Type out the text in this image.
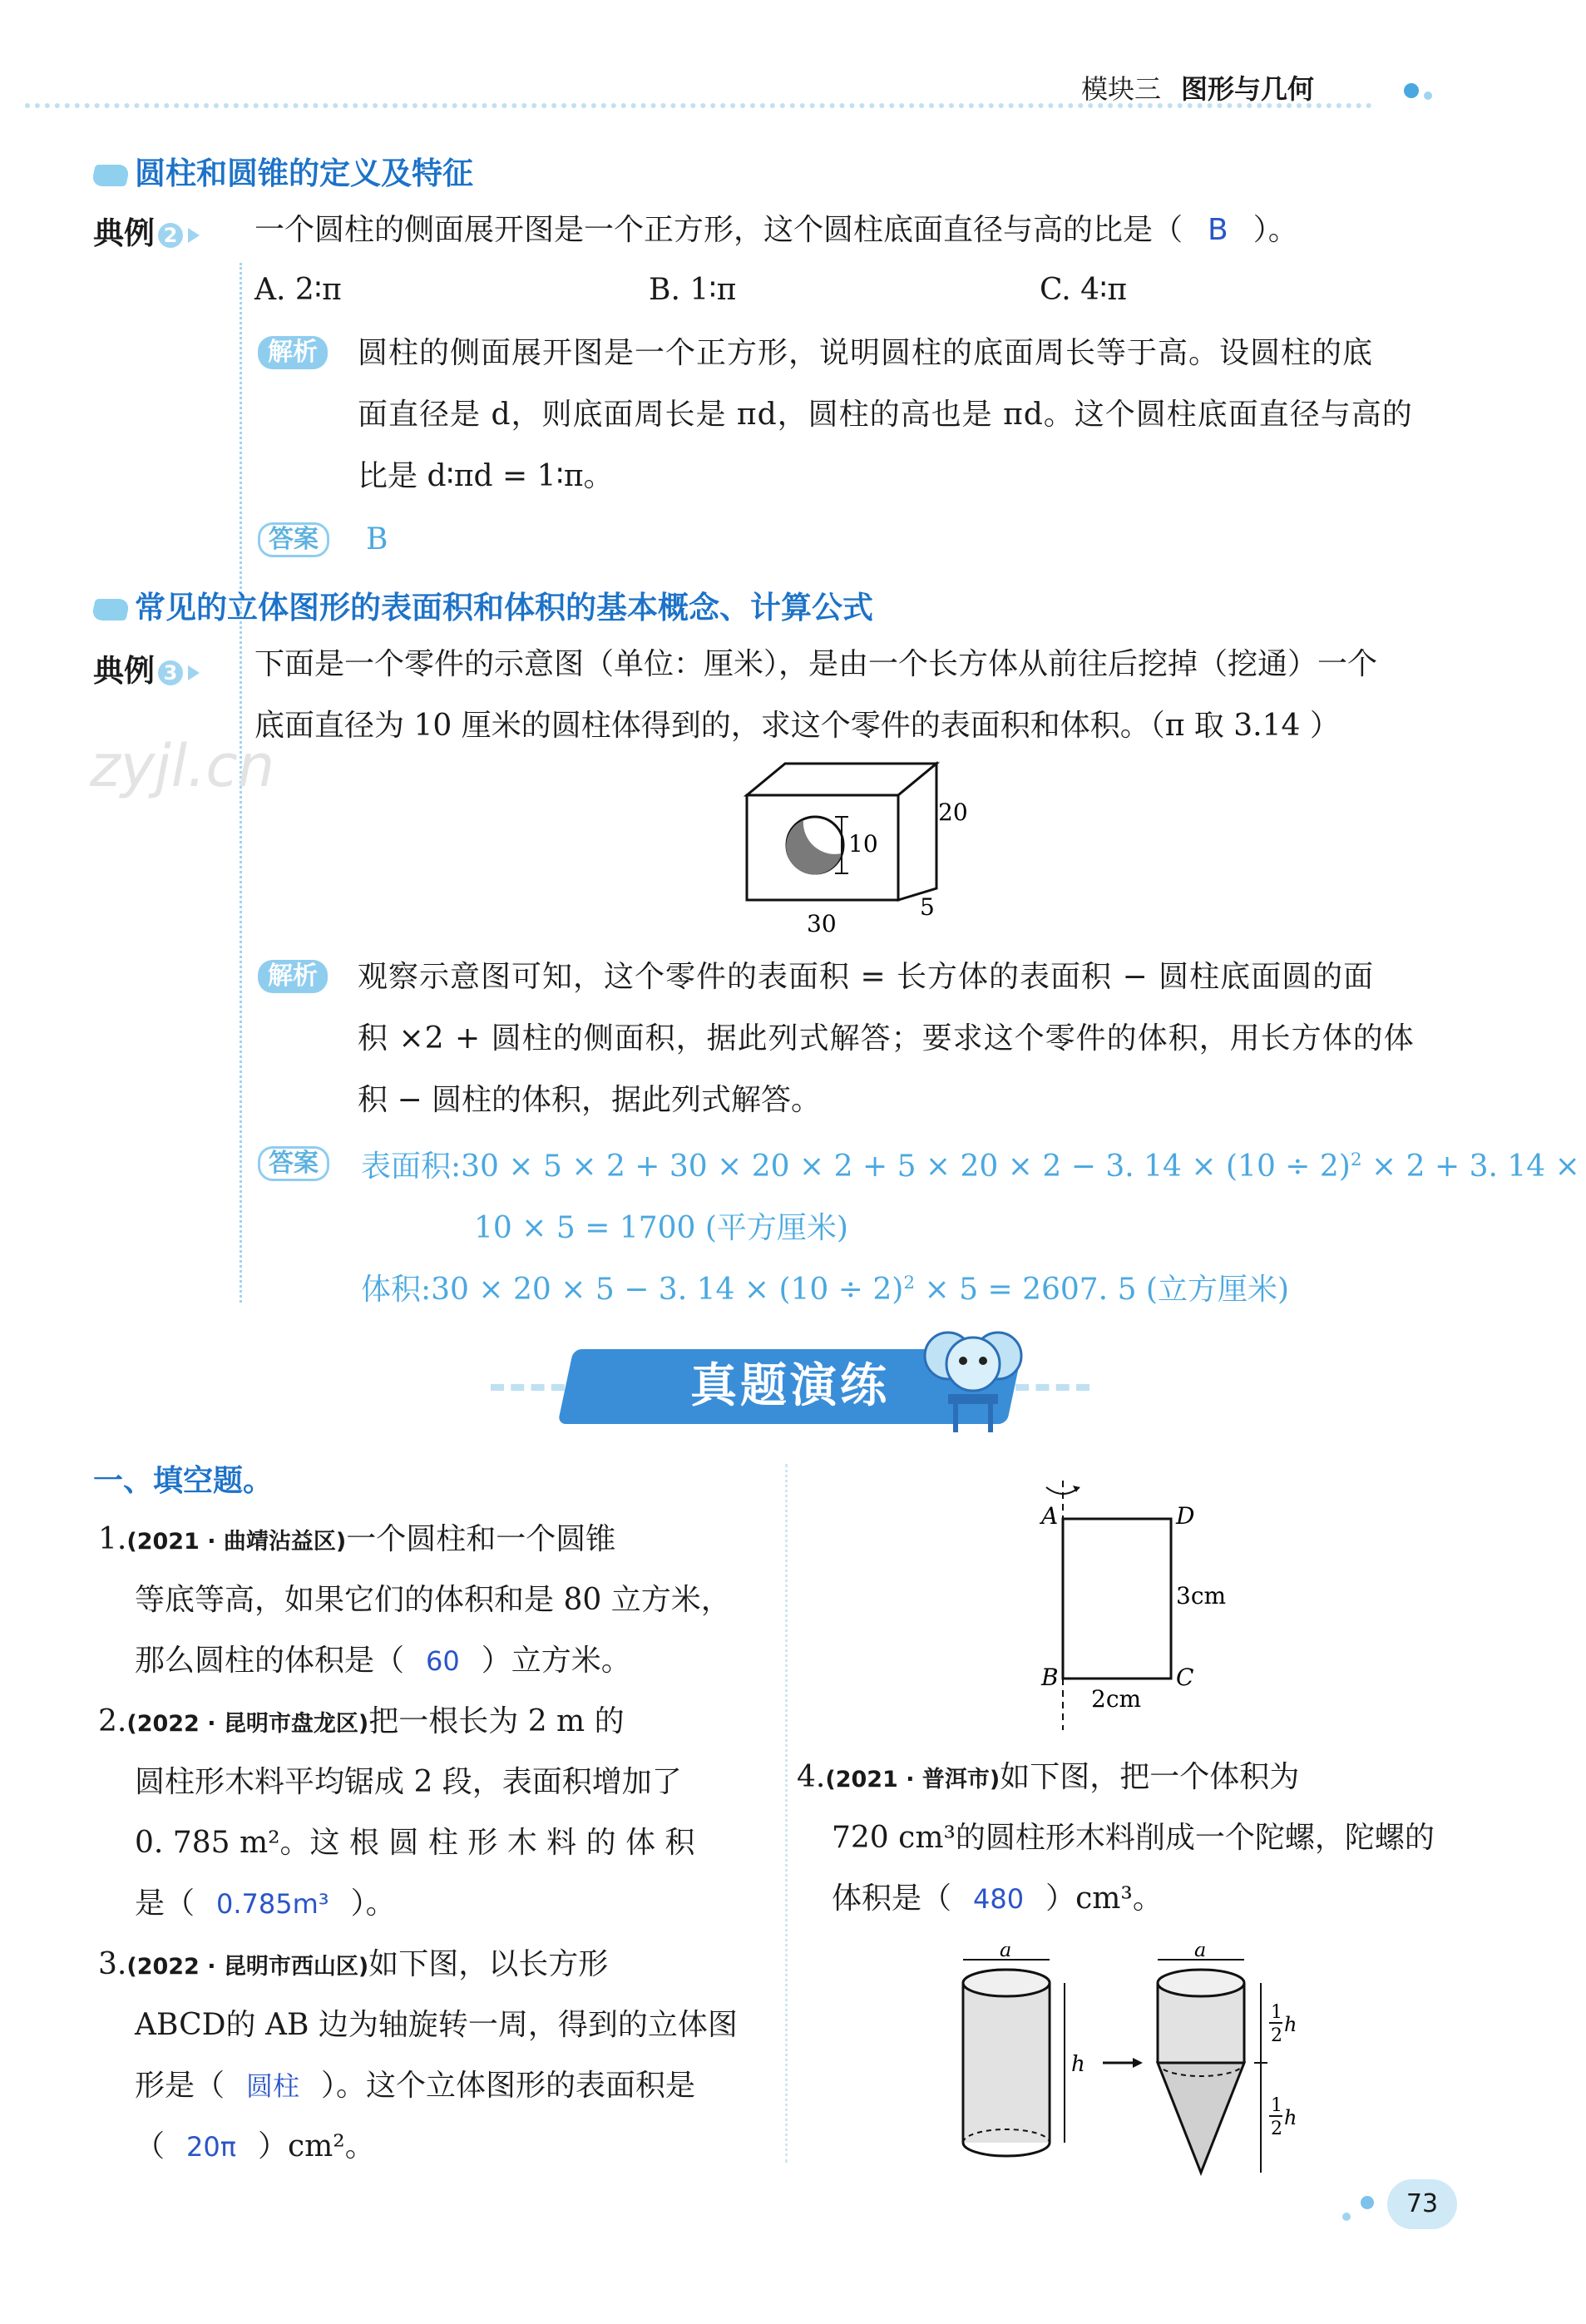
模块三 图形与几何
圆柱和圆锥的定义及特征
典例 2	一个圆柱的侧面展开图是一个正方形，这个圆柱底面直径与高的比是（ B ）。
A. 2∶π	B. 1∶π	C. 4∶π
解析	圆柱的侧面展开图是一个正方形，说明圆柱的底面周长等于高。设圆柱的底
面直径是 d，则底面周长是 πd，圆柱的高也是 πd。这个圆柱底面直径与高的
比是 d∶πd = 1∶π。
答案	B
常见的立体图形的表面积和体积的基本概念、计算公式
典例 3	下面是一个零件的示意图（单位：厘米），是由一个长方体从前往后挖掉（挖通）一个
底面直径为 10 厘米的圆柱体得到的，求这个零件的表面积和体积。（π 取 3.14 ）
zyjl.cn
20
10
5
30
解析	观察示意图可知，这个零件的表面积 = 长方体的表面积 − 圆柱底面圆的面
积 ×2 + 圆柱的侧面积，据此列式解答；要求这个零件的体积，用长方体的体
积 − 圆柱的体积，据此列式解答。
答案	表面积:30 × 5 × 2 + 30 × 20 × 2 + 5 × 20 × 2 − 3. $14 \times (10 \div 2)^2 \times 2 + 3$. 14 ×
10 × 5 = 1700 (平方厘米)
体积:30 × 20 × 5 − 3. $14 \times (10 \div 2)^2 \times 5 = 2607$. 5 (立方厘米)
真题演练
一、填空题。
1.(2021 · 曲靖沾益区)一个圆柱和一个圆锥
等底等高，如果它们的体积和是 80 立方米，
那么圆柱的体积是（ 60 ）立方米。
2.(2022 · 昆明市盘龙区)把一根长为 2 m 的
圆柱形木料平均锯成 2 段，表面积增加了
0. 785 m²。这 根 圆 柱 形 木 料 的 体 积
是（ 0.785m³ ）。
3.(2022 · 昆明市西山区)如下图，以长方形
ABCD的 AB 边为轴旋转一周，得到的立体图
形是（ 圆柱 ）。这个立体图形的表面积是
（ 20π ）cm²。
A	D
B	C
3cm
2cm
4.(2021 · 普洱市)如下图，把一个体积为
720 cm³的圆柱形木料削成一个陀螺，陀螺的
体积是（ 480 ）cm³。
a
h
a
1
2 h
1
2 h
73
